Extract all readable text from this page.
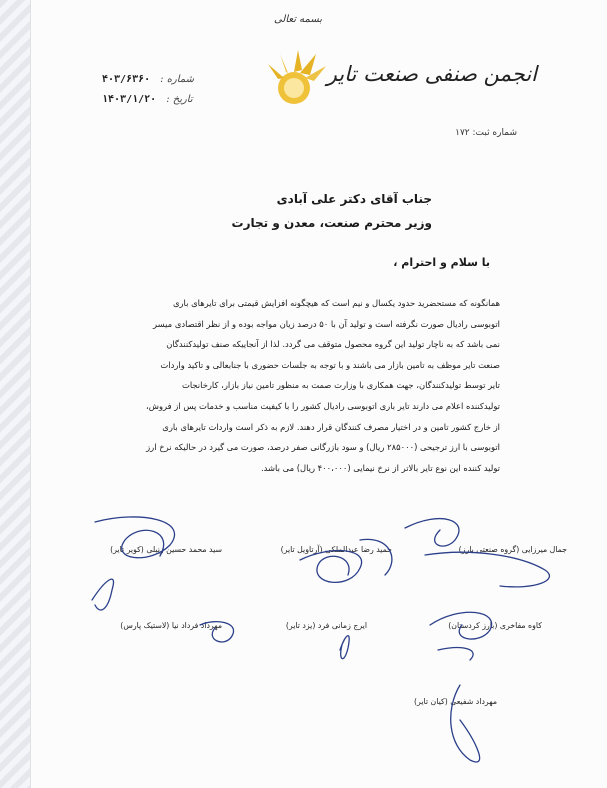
بسمه تعالی
انجمن صنفی صنعت تایر
شماره ثبت: ۱۷۲
شماره :
۴۰۳/۶۳۶۰
تاریخ :
۱۴۰۳/۱/۲۰
جناب آقای دکتر علی آبادی
وزیر محترم صنعت، معدن و تجارت
با سلام و احترام ،
همانگونه که مستحضرید حدود یکسال و نیم است که هیچگونه افزایش قیمتی برای تایرهای باری
اتوبوسی رادیال صورت نگرفته است و تولید آن با ۵۰ درصد زیان مواجه بوده و از نظر اقتصادی میسر
نمی باشد که به ناچار تولید این گروه محصول متوقف می گردد. لذا از آنجاییکه صنف تولیدکنندگان
صنعت تایر موظف به تامین بازار می باشند و با توجه به جلسات حضوری با جنابعالی و تاکید واردات
تایر توسط تولیدکنندگان، جهت همکاری با وزارت صمت به منظور تامین نیاز بازار، کارخانجات
تولیدکننده اعلام می دارند تایر باری اتوبوسی رادیال کشور را با کیفیت مناسب و خدمات پس از فروش،
از خارج کشور تامین و در اختیار مصرف کنندگان قرار دهند. لازم به ذکر است واردات تایرهای باری
اتوبوسی با ارز ترجیحی (۲۸۵۰۰۰ ریال) و سود بازرگانی صفر درصد، صورت می گیرد در حالیکه نرخ ارز
تولید کننده این نوع تایر بالاتر از نرخ نیمایی (۴۰۰،۰۰۰ ریال) می باشد.
جمال میرزایی (گروه صنعتی بارز)
حمید رضا عبدالملکی (آرتاویل تایر)
سید محمد حسین زنبلی (کویر تایر)
کاوه مفاخری (بارز کردستان)
ایرج زمانی فرد (یزد تایر)
مهرداد فرداد نیا (لاستیک پارس)
مهرداد شفیعی (کیان تایر)
